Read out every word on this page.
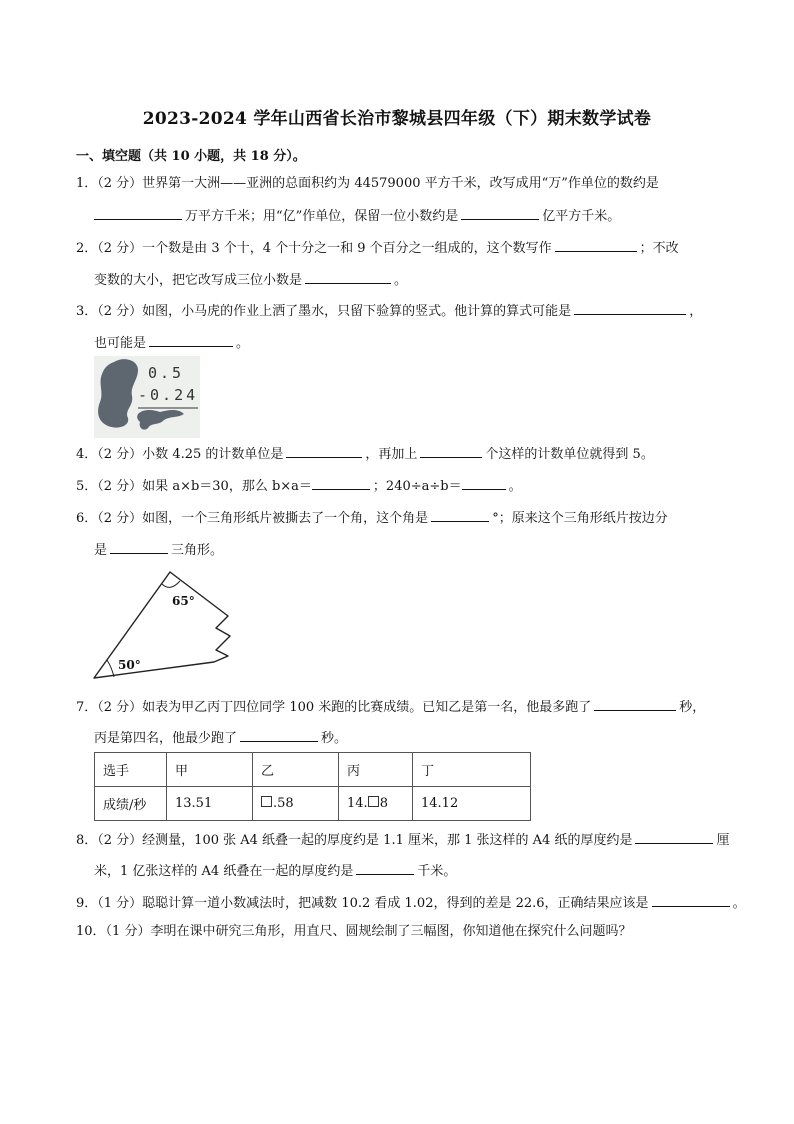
2023-2024 学年山西省长治市黎城县四年级（下）期末数学试卷
一、填空题（共 10 小题，共 18 分）。
1．（2 分）世界第一大洲——亚洲的总面积约为 44579000 平方千米，改写成用“万”作单位的数约是
万平方千米；用“亿”作单位，保留一位小数约是	亿平方千米。
2．（2 分）一个数是由 3 个十，4 个十分之一和 9 个百分之一组成的，这个数写作	；不改
变数的大小，把它改写成三位小数是	。
3．（2 分）如图，小马虎的作业上洒了墨水，只留下验算的竖式。他计算的算式可能是	，
也可能是	。
0.5
-0.24
4．（2 分）小数 4.25 的计数单位是	，再加上	个这样的计数单位就得到 5。
5．（2 分）如果 a×b＝30，那么 b×a＝	；240÷a÷b＝	。
6．（2 分）如图，一个三角形纸片被撕去了一个角，这个角是	°；原来这个三角形纸片按边分
是	三角形。
65°
50°
7．（2 分）如表为甲乙丙丁四位同学 100 米跑的比赛成绩。已知乙是第一名，他最多跑了	秒，
丙是第四名，他最少跑了	秒。
选手	甲	乙	丙	丁
成绩/秒	13.51	.58	14. 8	14.12
8．（2 分）经测量，100 张 A4 纸叠一起的厚度约是 1.1 厘米，那 1 张这样的 A4 纸的厚度约是	厘
米，1 亿张这样的 A4 纸叠在一起的厚度约是	千米。
9．（1 分）聪聪计算一道小数减法时，把减数 10.2 看成 1.02，得到的差是 22.6，正确结果应该是	。
10．（1 分）李明在课中研究三角形，用直尺、圆规绘制了三幅图，你知道他在探究什么问题吗？
